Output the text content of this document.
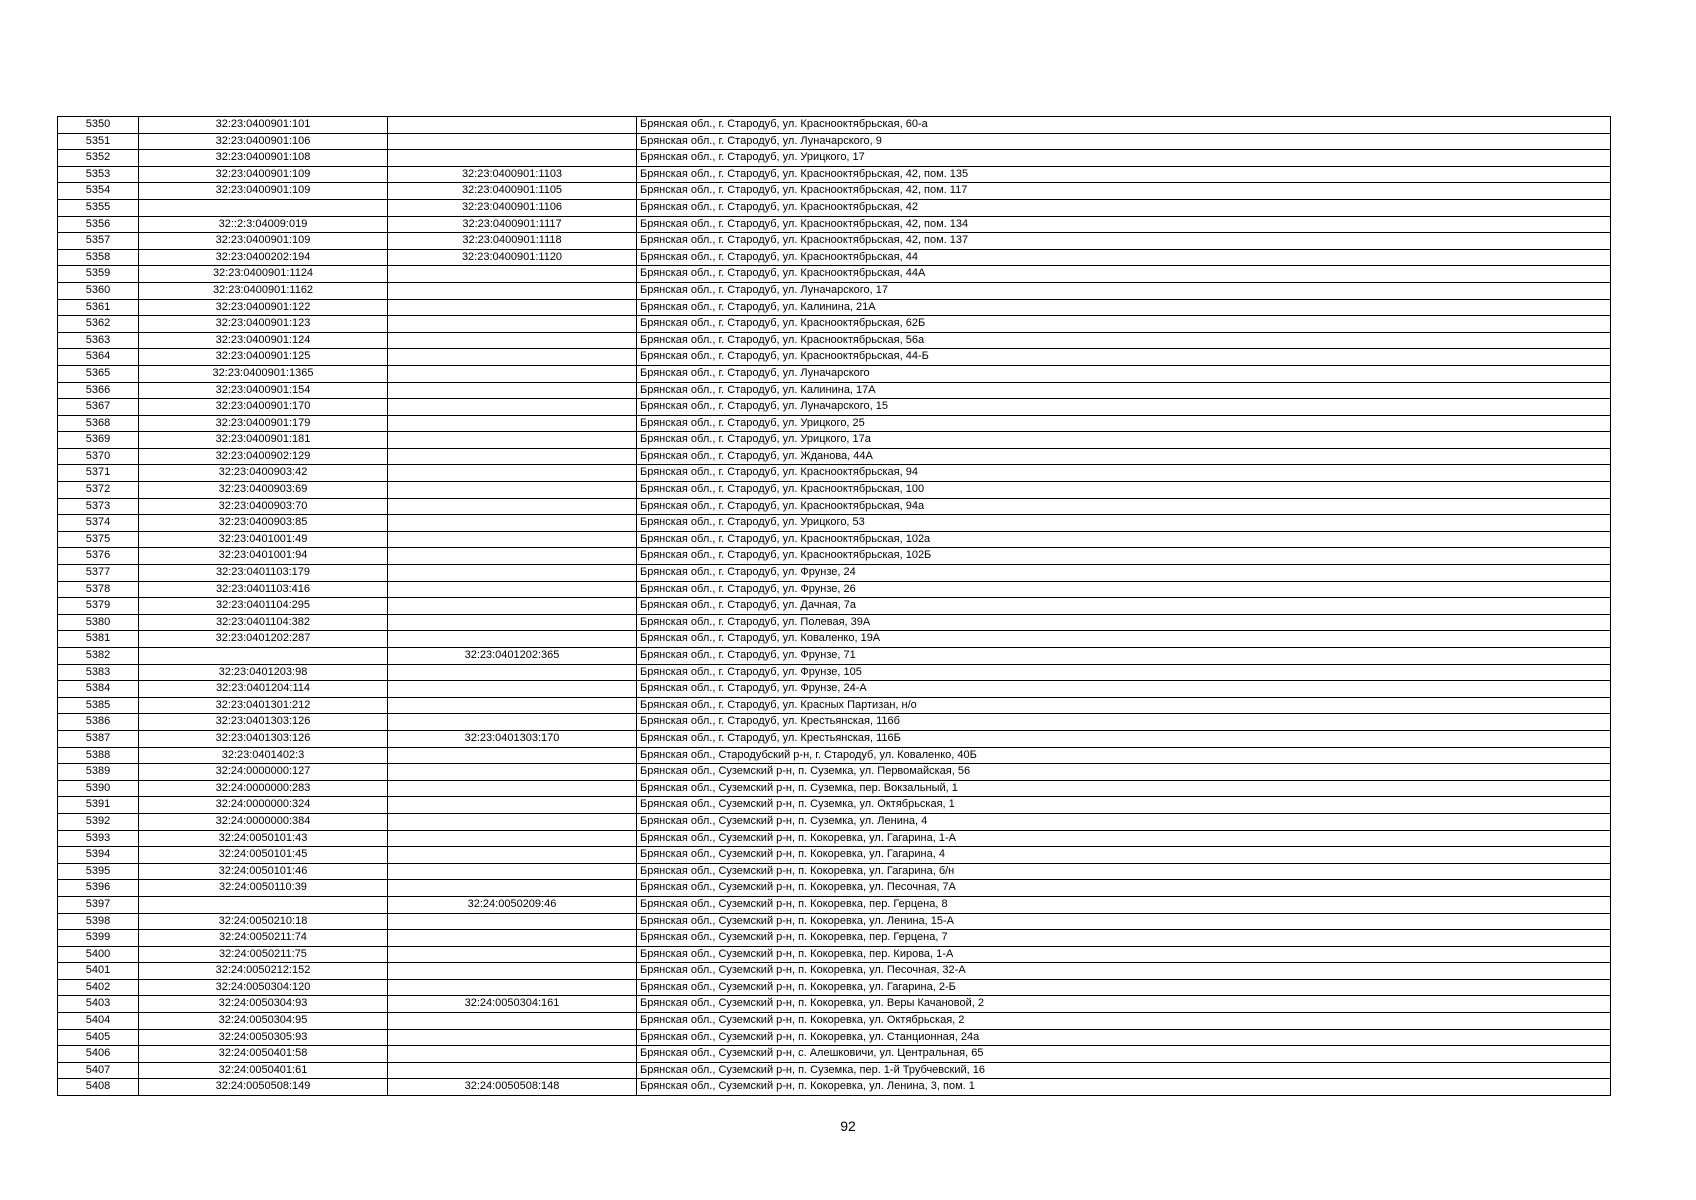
5350	32:23:0400901:101		Брянская обл., г. Стародуб, ул. Краснооктябрьская, 60-а
5351	32:23:0400901:106		Брянская обл., г. Стародуб, ул. Луначарского, 9
5352	32:23:0400901:108		Брянская обл., г. Стародуб, ул. Урицкого, 17
5353	32:23:0400901:109	32:23:0400901:1103	Брянская обл., г. Стародуб, ул. Краснооктябрьская, 42, пом. 135
5354	32:23:0400901:109	32:23:0400901:1105	Брянская обл., г. Стародуб, ул. Краснооктябрьская, 42, пом. 117
5355		32:23:0400901:1106	Брянская обл., г. Стародуб, ул. Краснооктябрьская, 42
5356	32::2:3:04009:019	32:23:0400901:1117	Брянская обл., г. Стародуб, ул. Краснооктябрьская, 42, пом. 134
5357	32:23:0400901:109	32:23:0400901:1118	Брянская обл., г. Стародуб, ул. Краснооктябрьская, 42, пом. 137
5358	32:23:0400202:194	32:23:0400901:1120	Брянская обл., г. Стародуб, ул. Краснооктябрьская, 44
5359	32:23:0400901:1124		Брянская обл., г. Стародуб, ул. Краснооктябрьская, 44А
5360	32:23:0400901:1162		Брянская обл., г. Стародуб, ул. Луначарского, 17
5361	32:23:0400901:122		Брянская обл., г. Стародуб, ул. Калинина, 21А
5362	32:23:0400901:123		Брянская обл., г. Стародуб, ул. Краснооктябрьская, 62Б
5363	32:23:0400901:124		Брянская обл., г. Стародуб, ул. Краснооктябрьская, 56а
5364	32:23:0400901:125		Брянская обл., г. Стародуб, ул. Краснооктябрьская, 44-Б
5365	32:23:0400901:1365		Брянская обл., г. Стародуб, ул. Луначарского
5366	32:23:0400901:154		Брянская обл., г. Стародуб, ул. Калинина, 17А
5367	32:23:0400901:170		Брянская обл., г. Стародуб, ул. Луначарского, 15
5368	32:23:0400901:179		Брянская обл., г. Стародуб, ул. Урицкого, 25
5369	32:23:0400901:181		Брянская обл., г. Стародуб, ул. Урицкого, 17а
5370	32:23:0400902:129		Брянская обл., г. Стародуб, ул. Жданова, 44А
5371	32:23:0400903:42		Брянская обл., г. Стародуб, ул. Краснооктябрьская, 94
5372	32:23:0400903:69		Брянская обл., г. Стародуб, ул. Краснооктябрьская, 100
5373	32:23:0400903:70		Брянская обл., г. Стародуб, ул. Краснооктябрьская, 94а
5374	32:23:0400903:85		Брянская обл., г. Стародуб, ул. Урицкого, 53
5375	32:23:0401001:49		Брянская обл., г. Стародуб, ул. Краснооктябрьская, 102а
5376	32:23:0401001:94		Брянская обл., г. Стародуб, ул. Краснооктябрьская, 102Б
5377	32:23:0401103:179		Брянская обл., г. Стародуб, ул. Фрунзе, 24
5378	32:23:0401103:416		Брянская обл., г. Стародуб, ул. Фрунзе, 26
5379	32:23:0401104:295		Брянская обл., г. Стародуб, ул. Дачная, 7а
5380	32:23:0401104:382		Брянская обл., г. Стародуб, ул. Полевая, 39А
5381	32:23:0401202:287		Брянская обл., г. Стародуб, ул. Коваленко, 19А
5382		32:23:0401202:365	Брянская обл., г. Стародуб, ул. Фрунзе, 71
5383	32:23:0401203:98		Брянская обл., г. Стародуб, ул. Фрунзе, 105
5384	32:23:0401204:114		Брянская обл., г. Стародуб, ул. Фрунзе, 24-А
5385	32:23:0401301:212		Брянская обл., г. Стародуб, ул. Красных Партизан, н/о
5386	32:23:0401303:126		Брянская обл., г. Стародуб, ул. Крестьянская, 116б
5387	32:23:0401303:126	32:23:0401303:170	Брянская обл., г. Стародуб, ул. Крестьянская, 116Б
5388	32:23:0401402:3		Брянская обл., Стародубский р-н, г. Стародуб, ул. Коваленко, 40Б
5389	32:24:0000000:127		Брянская обл., Суземский р-н, п. Суземка, ул. Первомайская, 56
5390	32:24:0000000:283		Брянская обл., Суземский р-н, п. Суземка, пер. Вокзальный, 1
5391	32:24:0000000:324		Брянская обл., Суземский р-н, п. Суземка, ул. Октябрьская, 1
5392	32:24:0000000:384		Брянская обл., Суземский р-н, п. Суземка, ул. Ленина, 4
5393	32:24:0050101:43		Брянская обл., Суземский р-н, п. Кокоревка, ул. Гагарина, 1-А
5394	32:24:0050101:45		Брянская обл., Суземский р-н, п. Кокоревка, ул. Гагарина, 4
5395	32:24:0050101:46		Брянская обл., Суземский р-н, п. Кокоревка, ул. Гагарина, б/н
5396	32:24:0050110:39		Брянская обл., Суземский р-н, п. Кокоревка, ул. Песочная, 7А
5397		32:24:0050209:46	Брянская обл., Суземский р-н, п. Кокоревка, пер. Герцена, 8
5398	32:24:0050210:18		Брянская обл., Суземский р-н, п. Кокоревка, ул. Ленина, 15-А
5399	32:24:0050211:74		Брянская обл., Суземский р-н, п. Кокоревка, пер. Герцена, 7
5400	32:24:0050211:75		Брянская обл., Суземский р-н, п. Кокоревка, пер. Кирова, 1-А
5401	32:24:0050212:152		Брянская обл., Суземский р-н, п. Кокоревка, ул. Песочная, 32-А
5402	32:24:0050304:120		Брянская обл., Суземский р-н, п. Кокоревка, ул. Гагарина, 2-Б
5403	32:24:0050304:93	32:24:0050304:161	Брянская обл., Суземский р-н, п. Кокоревка, ул. Веры Качановой, 2
5404	32:24:0050304:95		Брянская обл., Суземский р-н, п. Кокоревка, ул. Октябрьская, 2
5405	32:24:0050305:93		Брянская обл., Суземский р-н, п. Кокоревка, ул. Станционная, 24а
5406	32:24:0050401:58		Брянская обл., Суземский р-н, с. Алешковичи, ул. Центральная, 65
5407	32:24:0050401:61		Брянская обл., Суземский р-н, п. Суземка, пер. 1-й Трубчевский, 16
5408	32:24:0050508:149	32:24:0050508:148	Брянская обл., Суземский р-н, п. Кокоревка, ул. Ленина, 3, пом. 1
92
